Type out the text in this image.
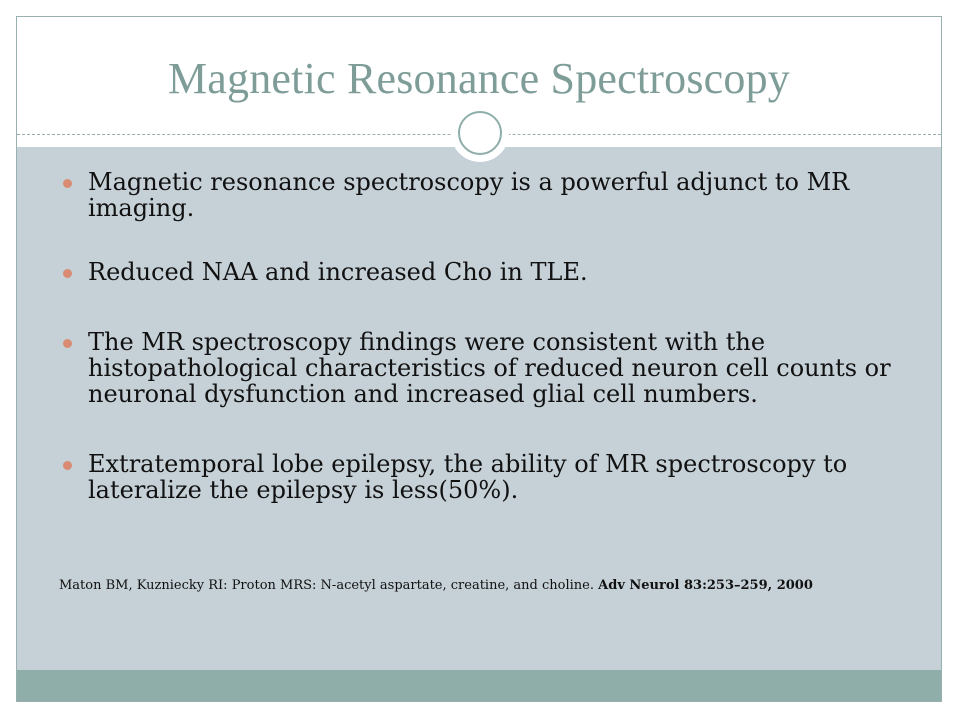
Magnetic Resonance Spectroscopy
Magnetic resonance spectroscopy is a powerful adjunct to MR imaging.
Reduced NAA and increased Cho in TLE.
The MR spectroscopy findings were consistent with the histopathological characteristics of reduced neuron cell counts or neuronal dysfunction and increased glial cell numbers.
Extratemporal lobe epilepsy, the ability of MR spectroscopy to lateralize the epilepsy is less(50%).
Maton BM, Kuzniecky RI: Proton MRS: N-acetyl aspartate, creatine, and choline. Adv Neurol 83:253–259, 2000
